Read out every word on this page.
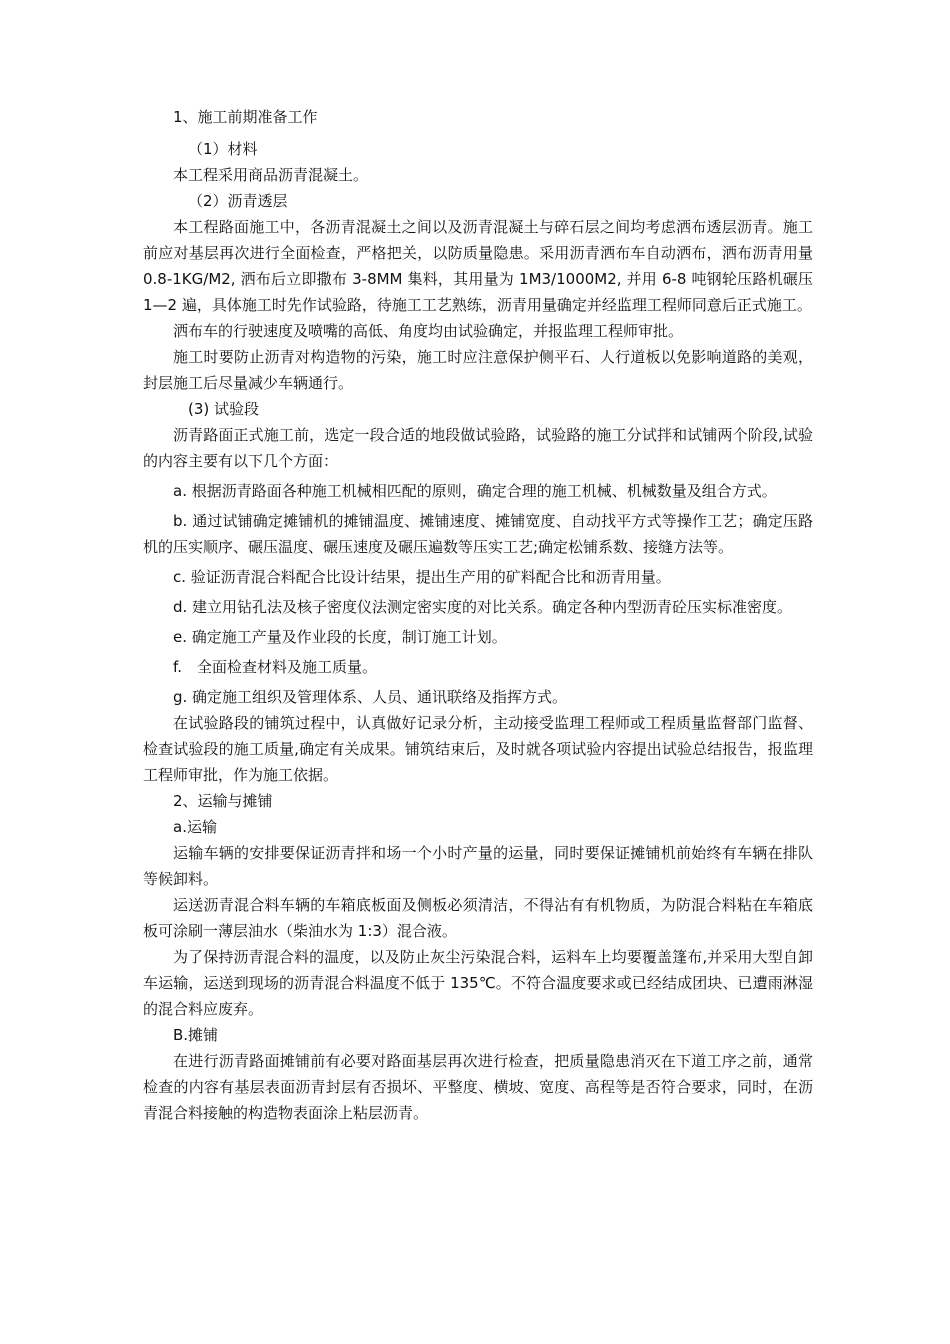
1、施工前期准备工作

（1）材料

本工程采用商品沥青混凝土。

（2）沥青透层

本工程路面施工中，各沥青混凝土之间以及沥青混凝土与碎石层之间均考虑洒布透层沥青。施工前应对基层再次进行全面检查，严格把关，以防质量隐患。采用沥青洒布车自动洒布，洒布沥青用量 0.8-1KG/M2, 洒布后立即撒布 3-8MM 集料，其用量为 1M3/1000M2, 并用 6-8 吨钢轮压路机碾压 1—2 遍，具体施工时先作试验路，待施工工艺熟练，沥青用量确定并经监理工程师同意后正式施工。

洒布车的行驶速度及喷嘴的高低、角度均由试验确定，并报监理工程师审批。

施工时要防止沥青对构造物的污染，施工时应注意保护侧平石、人行道板以免影响道路的美观，封层施工后尽量减少车辆通行。

(3) 试验段

沥青路面正式施工前，选定一段合适的地段做试验路，试验路的施工分试拌和试铺两个阶段,试验的内容主要有以下几个方面：

a. 根据沥青路面各种施工机械相匹配的原则，确定合理的施工机械、机械数量及组合方式。

b. 通过试铺确定摊铺机的摊铺温度、摊铺速度、摊铺宽度、自动找平方式等操作工艺；确定压路机的压实顺序、碾压温度、碾压速度及碾压遍数等压实工艺;确定松铺系数、接缝方法等。

c. 验证沥青混合料配合比设计结果，提出生产用的矿料配合比和沥青用量。

d. 建立用钻孔法及核子密度仪法测定密实度的对比关系。确定各种内型沥青砼压实标准密度。

e. 确定施工产量及作业段的长度，制订施工计划。

f.　全面检查材料及施工质量。

g. 确定施工组织及管理体系、人员、通讯联络及指挥方式。

在试验路段的铺筑过程中，认真做好记录分析，主动接受监理工程师或工程质量监督部门监督、检查试验段的施工质量,确定有关成果。铺筑结束后，及时就各项试验内容提出试验总结报告，报监理工程师审批，作为施工依据。

2、运输与摊铺

a.运输

运输车辆的安排要保证沥青拌和场一个小时产量的运量，同时要保证摊铺机前始终有车辆在排队等候卸料。

运送沥青混合料车辆的车箱底板面及侧板必须清洁，不得沾有有机物质，为防混合料粘在车箱底板可涂刷一薄层油水（柴油水为 1:3）混合液。

为了保持沥青混合料的温度，以及防止灰尘污染混合料，运料车上均要覆盖篷布,并采用大型自卸车运输，运送到现场的沥青混合料温度不低于 135℃。不符合温度要求或已经结成团块、已遭雨淋湿的混合料应废弃。

B.摊铺

在进行沥青路面摊铺前有必要对路面基层再次进行检查，把质量隐患消灭在下道工序之前，通常检查的内容有基层表面沥青封层有否损坏、平整度、横坡、宽度、高程等是否符合要求，同时，在沥青混合料接触的构造物表面涂上粘层沥青。
